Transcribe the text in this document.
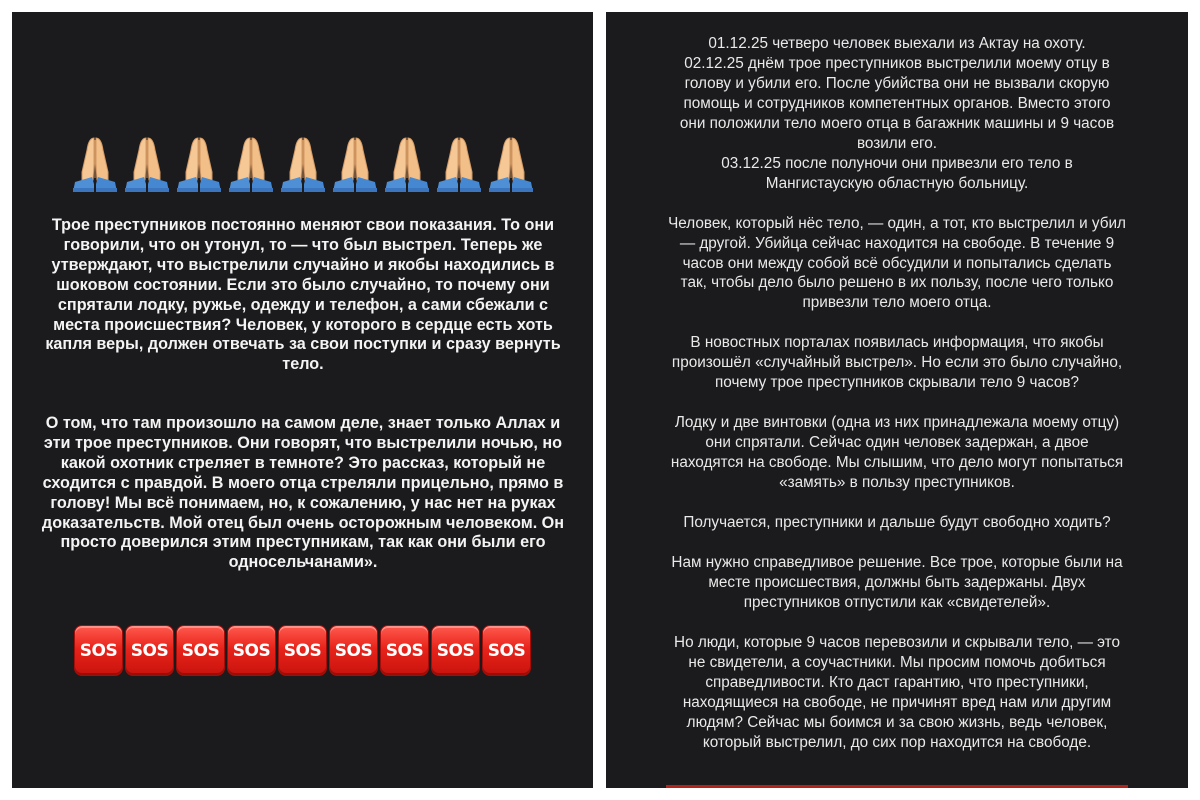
Трое преступников постоянно меняют свои показания. То они говорили, что он утонул, то — что был выстрел. Теперь же утверждают, что выстрелили случайно и якобы находились в шоковом состоянии. Если это было случайно, то почему они спрятали лодку, ружье, одежду и телефон, а сами сбежали с места происшествия? Человек, у которого в сердце есть хоть капля веры, должен отвечать за свои поступки и сразу вернуть тело.

О том, что там произошло на самом деле, знает только Аллах и эти трое преступников. Они говорят, что выстрелили ночью, но какой охотник стреляет в темноте? Это рассказ, который не сходится с правдой. В моего отца стреляли прицельно, прямо в голову! Мы всё понимаем, но, к сожалению, у нас нет на руках доказательств. Мой отец был очень осторожным человеком. Он просто доверился этим преступникам, так как они были его односельчанами».

SOS SOS SOS SOS SOS SOS SOS SOS SOS

01.12.25 четверо человек выехали из Актау на охоту.
02.12.25 днём трое преступников выстрелили моему отцу в
голову и убили его. После убийства они не вызвали скорую
помощь и сотрудников компетентных органов. Вместо этого
они положили тело моего отца в багажник машины и 9 часов
возили его.
03.12.25 после полуночи они привезли его тело в
Мангистаускую областную больницу.

Человек, который нёс тело, — один, а тот, кто выстрелил и убил
— другой. Убийца сейчас находится на свободе. В течение 9
часов они между собой всё обсудили и попытались сделать
так, чтобы дело было решено в их пользу, после чего только
привезли тело моего отца.

В новостных порталах появилась информация, что якобы
произошёл «случайный выстрел». Но если это было случайно,
почему трое преступников скрывали тело 9 часов?

Лодку и две винтовки (одна из них принадлежала моему отцу)
они спрятали. Сейчас один человек задержан, а двое
находятся на свободе. Мы слышим, что дело могут попытаться
«замять» в пользу преступников.

Получается, преступники и дальше будут свободно ходить?

Нам нужно справедливое решение. Все трое, которые были на
месте происшествия, должны быть задержаны. Двух
преступников отпустили как «свидетелей».

Но люди, которые 9 часов перевозили и скрывали тело, — это
не свидетели, а соучастники. Мы просим помочь добиться
справедливости. Кто даст гарантию, что преступники,
находящиеся на свободе, не причинят вред нам или другим
людям? Сейчас мы боимся и за свою жизнь, ведь человек,
который выстрелил, до сих пор находится на свободе.
